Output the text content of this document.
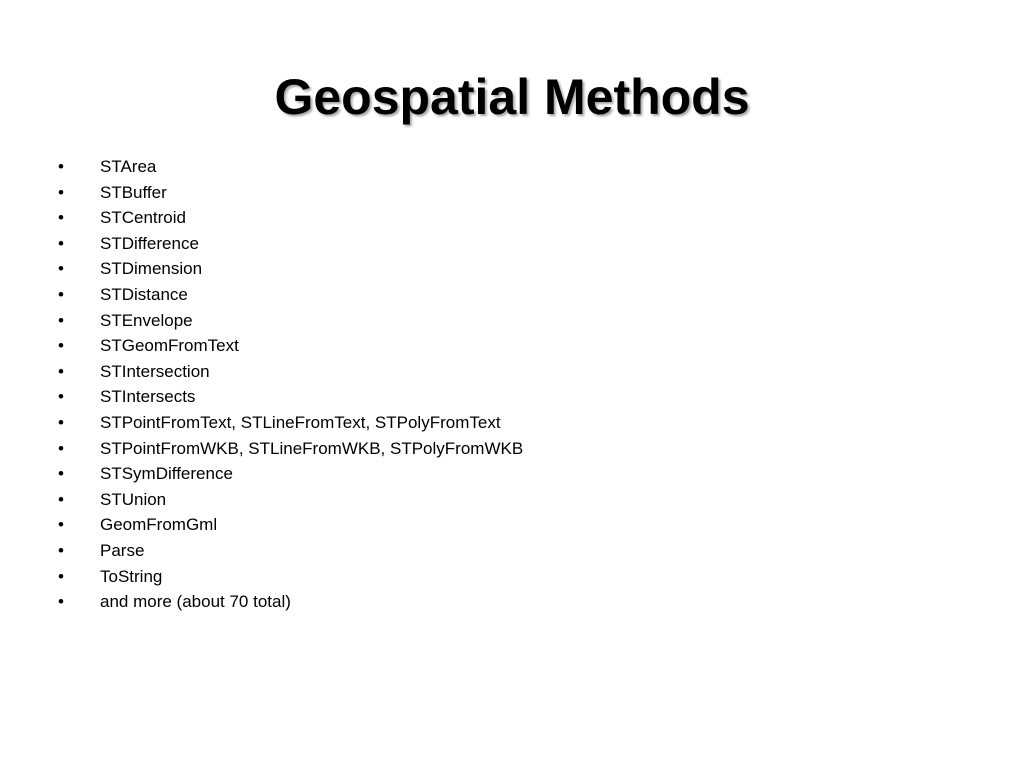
Geospatial Methods
•	STArea
•	STBuffer
•	STCentroid
•	STDifference
•	STDimension
•	STDistance
•	STEnvelope
•	STGeomFromText
•	STIntersection
•	STIntersects
•	STPointFromText, STLineFromText, STPolyFromText
•	STPointFromWKB, STLineFromWKB, STPolyFromWKB
•	STSymDifference
•	STUnion
•	GeomFromGml
•	Parse
•	ToString
•	and more (about 70 total)
